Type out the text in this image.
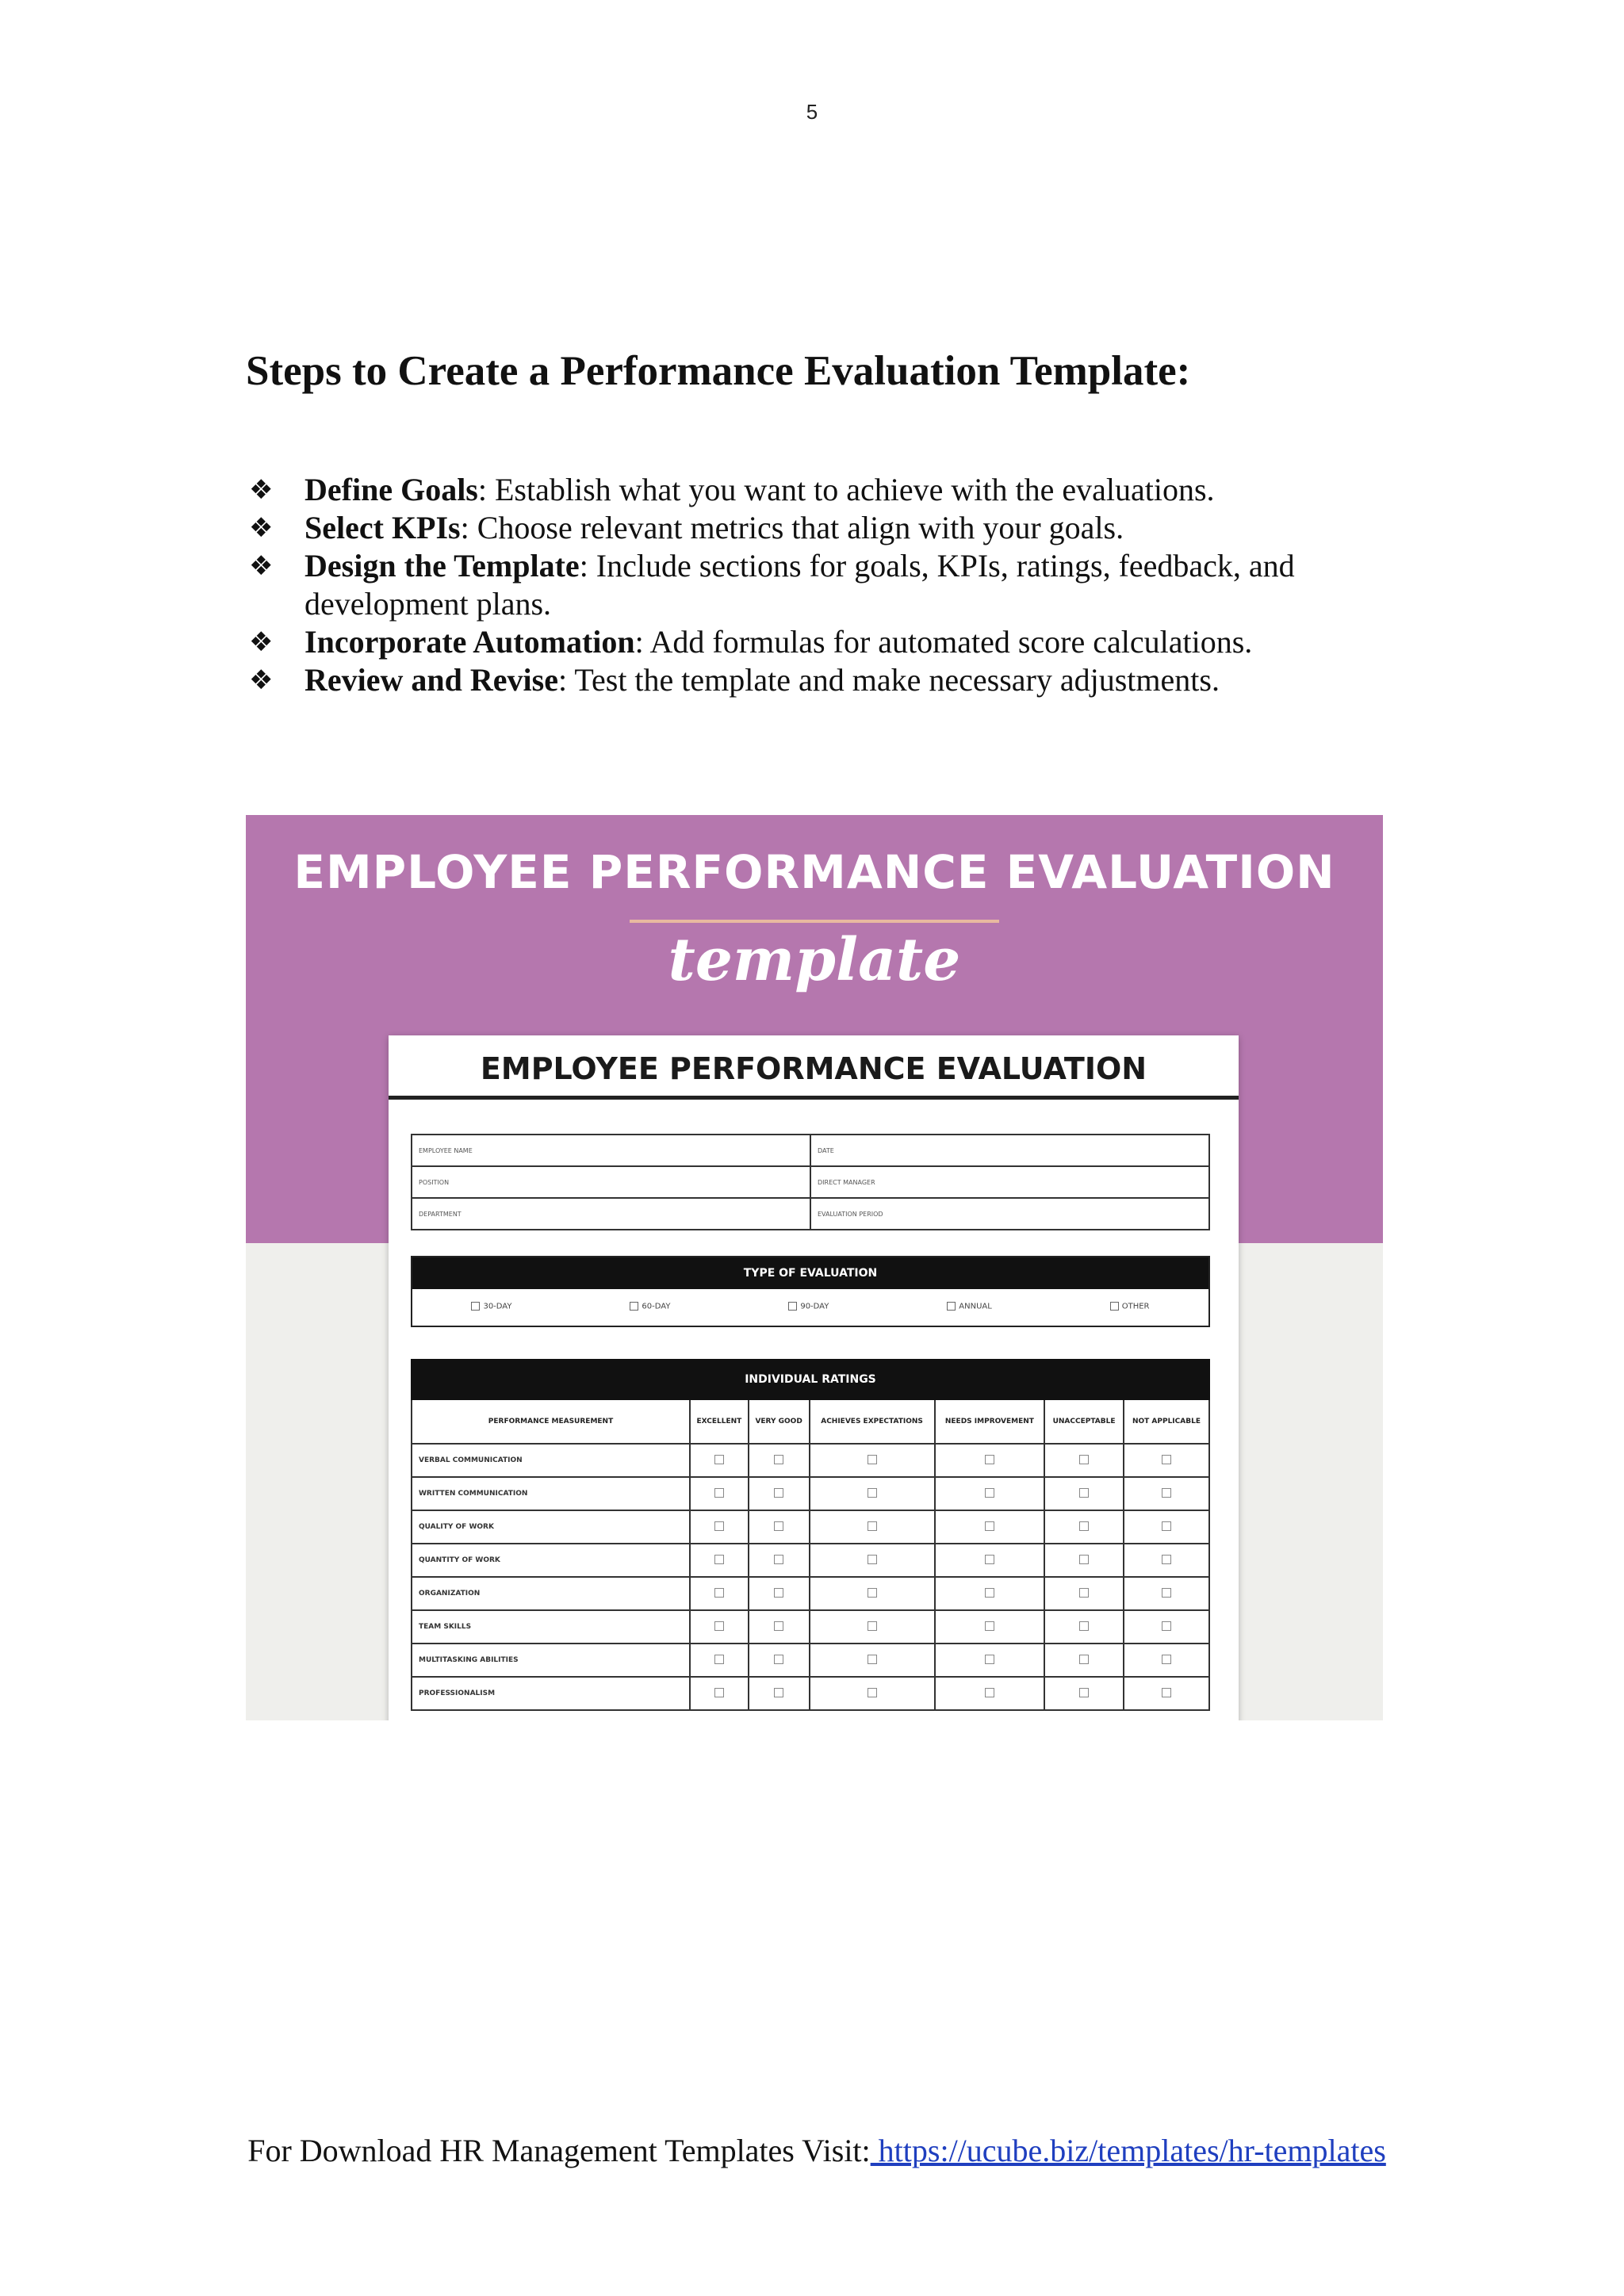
5
Steps to Create a Performance Evaluation Template:
❖ Define Goals: Establish what you want to achieve with the evaluations.
❖ Select KPIs: Choose relevant metrics that align with your goals.
❖ Design the Template: Include sections for goals, KPIs, ratings, feedback, and development plans.
❖ Incorporate Automation: Add formulas for automated score calculations.
❖ Review and Revise: Test the template and make necessary adjustments.
EMPLOYEE PERFORMANCE EVALUATION
template
EMPLOYEE PERFORMANCE EVALUATION
EMPLOYEE NAME	DATE
POSITION	DIRECT MANAGER
DEPARTMENT	EVALUATION PERIOD
TYPE OF EVALUATION
30-DAY	60-DAY	90-DAY	ANNUAL	OTHER
INDIVIDUAL RATINGS						
PERFORMANCE MEASUREMENT	EXCELLENT	VERY GOOD	ACHIEVES EXPECTATIONS	NEEDS IMPROVEMENT	UNACCEPTABLE	NOT APPLICABLE
VERBAL COMMUNICATION						
WRITTEN COMMUNICATION						
QUALITY OF WORK						
QUANTITY OF WORK						
ORGANIZATION						
TEAM SKILLS						
MULTITASKING ABILITIES						
PROFESSIONALISM						
For Download HR Management Templates Visit: https://ucube.biz/templates/hr-templates
